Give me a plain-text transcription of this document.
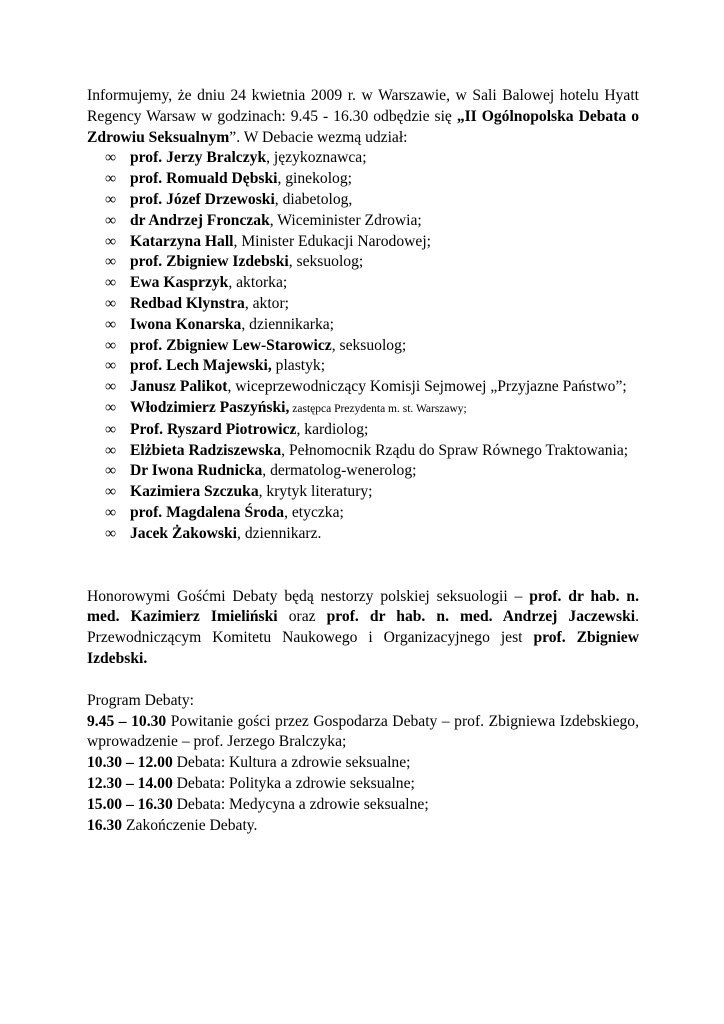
Informujemy, że dniu 24 kwietnia 2009 r. w Warszawie, w Sali Balowej hotelu Hyatt Regency Warsaw w godzinach: 9.45 - 16.30 odbędzie się „II Ogólnopolska Debata o Zdrowiu Seksualnym”. W Debacie wezmą udział:

∞ prof. Jerzy Bralczyk, językoznawca;
∞ prof. Romuald Dębski, ginekolog;
∞ prof. Józef Drzewoski, diabetolog,
∞ dr Andrzej Fronczak, Wiceminister Zdrowia;
∞ Katarzyna Hall, Minister Edukacji Narodowej;
∞ prof. Zbigniew Izdebski, seksuolog;
∞ Ewa Kasprzyk, aktorka;
∞ Redbad Klynstra, aktor;
∞ Iwona Konarska, dziennikarka;
∞ prof. Zbigniew Lew-Starowicz, seksuolog;
∞ prof. Lech Majewski, plastyk;
∞ Janusz Palikot, wiceprzewodniczący Komisji Sejmowej „Przyjazne Państwo”;
∞ Włodzimierz Paszyński, zastępca Prezydenta m. st. Warszawy;
∞ Prof. Ryszard Piotrowicz, kardiolog;
∞ Elżbieta Radziszewska, Pełnomocnik Rządu do Spraw Równego Traktowania;
∞ Dr Iwona Rudnicka, dermatolog-wenerolog;
∞ Kazimiera Szczuka, krytyk literatury;
∞ prof. Magdalena Środa, etyczka;
∞ Jacek Żakowski, dziennikarz.

Honorowymi Gośćmi Debaty będą nestorzy polskiej seksuologii – prof. dr hab. n. med. Kazimierz Imieliński oraz prof. dr hab. n. med. Andrzej Jaczewski. Przewodniczącym Komitetu Naukowego i Organizacyjnego jest prof. Zbigniew Izdebski.

Program Debaty:

9.45 – 10.30 Powitanie gości przez Gospodarza Debaty – prof. Zbigniewa Izdebskiego, wprowadzenie – prof. Jerzego Bralczyka;

10.30 – 12.00 Debata: Kultura a zdrowie seksualne;

12.30 – 14.00 Debata: Polityka a zdrowie seksualne;

15.00 – 16.30 Debata: Medycyna a zdrowie seksualne;

16.30 Zakończenie Debaty.
